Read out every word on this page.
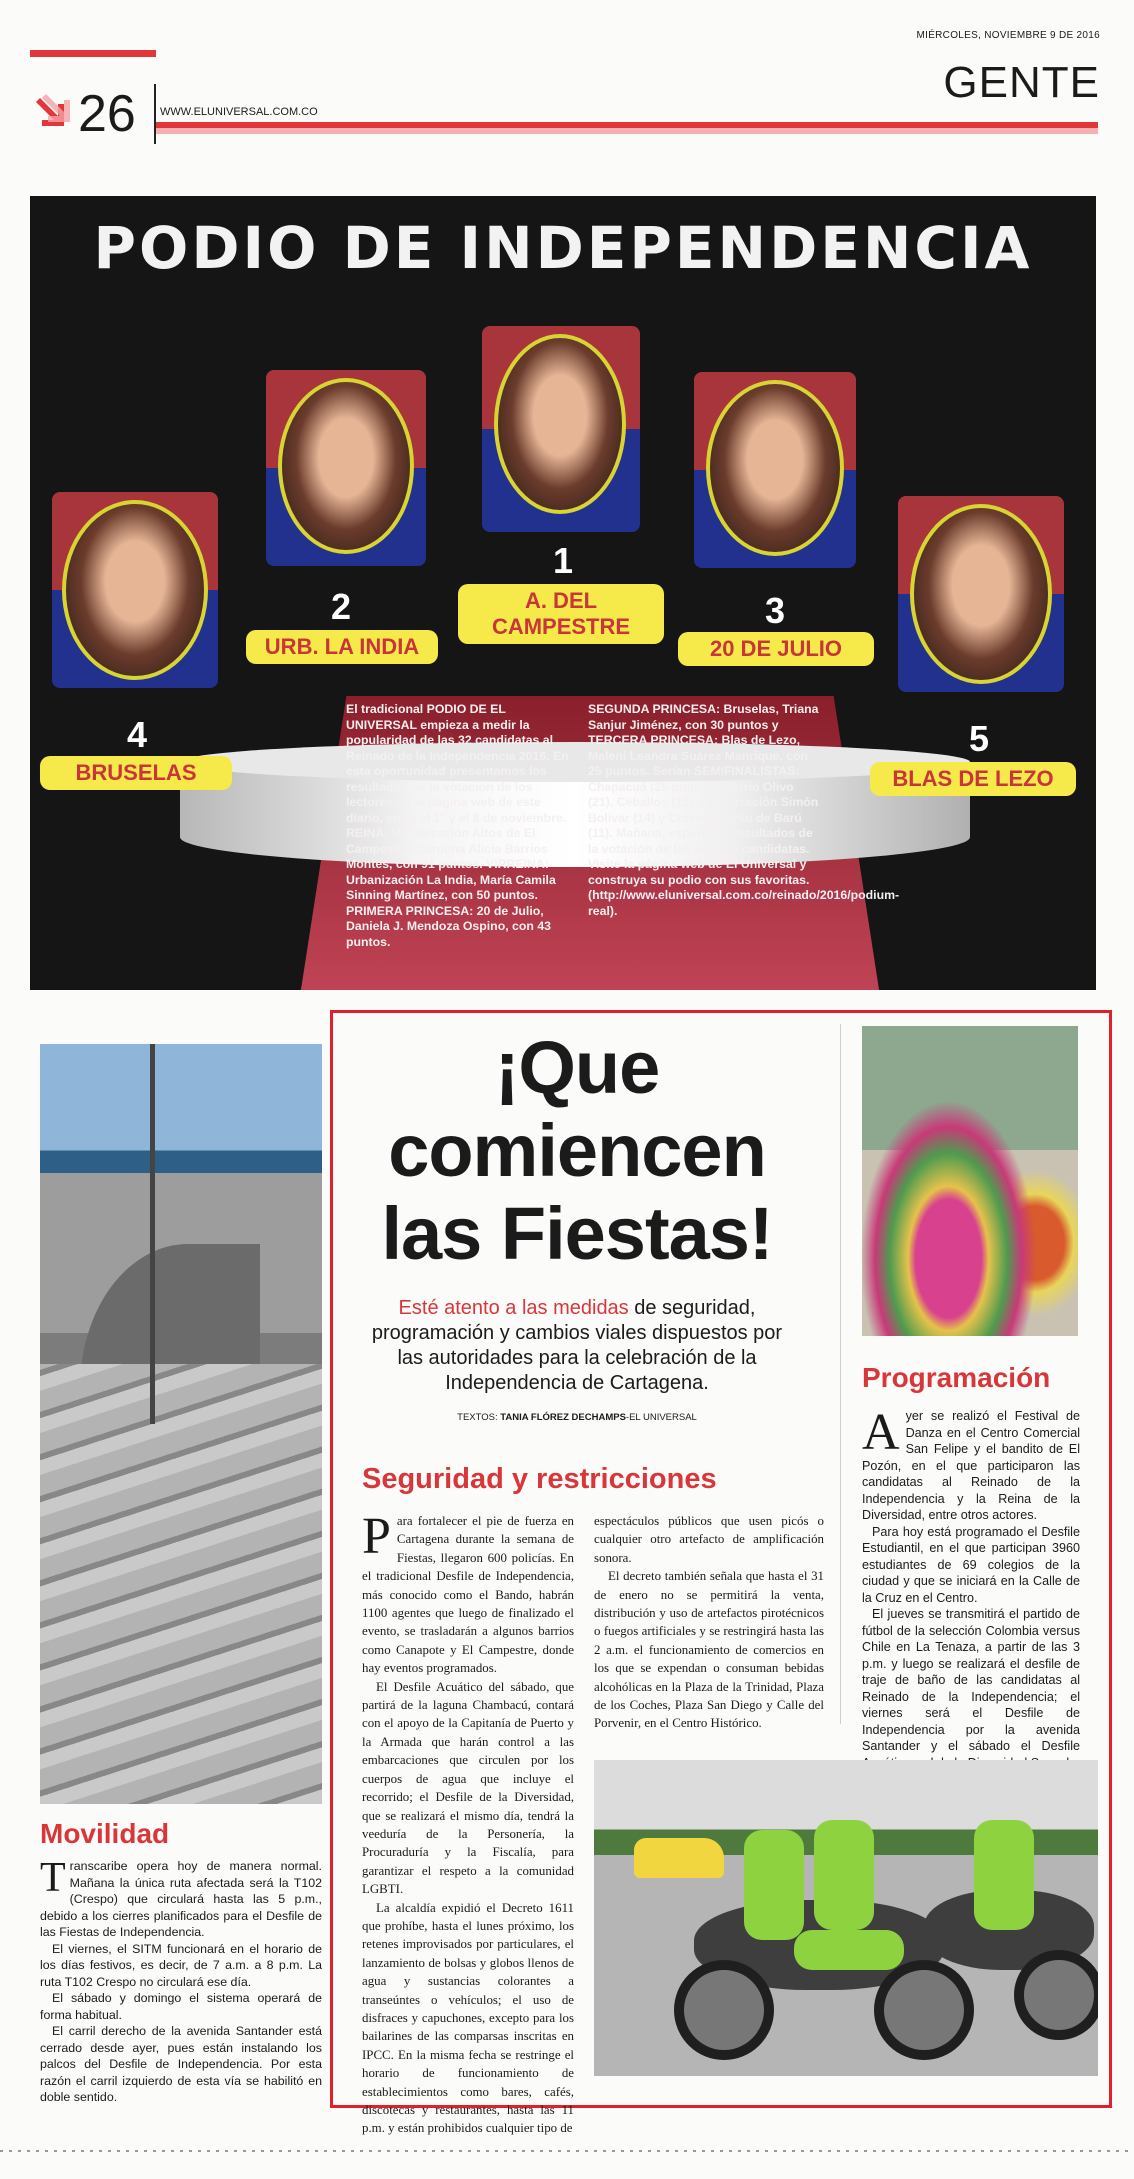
MIÉRCOLES, NOVIEMBRE 9 DE 2016
GENTE
26 WWW.ELUNIVERSAL.COM.CO
PODIO DE INDEPENDENCIA
1
A. DEL CAMPESTRE
2
URB. LA INDIA
3
20 DE JULIO
4
BRUSELAS
5
BLAS DE LEZO
El tradicional PODIO DE EL UNIVERSAL empieza a medir la popularidad de las 32 candidatas al Reinado de la Independencia 2016. En esta oportunidad presentamos los resultados de la votación de los lectores de la página web de este diario, entre el 1° y el 8 de noviembre. REINA: Urbanización Altos de El Campestre, Carolina Alicia Barrios Montes, con 91 puntos. VIRREINA: Urbanización La India, María Camila Sinning Martínez, con 50 puntos. PRIMERA PRINCESA: 20 de Julio, Daniela J. Mendoza Ospino, con 43 puntos.
SEGUNDA PRINCESA: Bruselas, Triana Sanjur Jiménez, con 30 puntos y TERCERA PRINCESA: Blas de Lezo, Maleni Leandra Suárez Manrique, con 25 puntos. Serían SEMIFINALISTAS: Chapacuá (25 puntos), Barrio Olivo (21), Ceballos (15), Urbanización Simón Bolívar (14) y Corregimiento de Barú (11). Mañana, espere los resultados de la votación de las propias candidatas. Visite la página web de El Universal y construya su podio con sus favoritas. (http://www.eluniversal.com.co/reinado/2016/podium-real).
Movilidad

Transcaribe opera hoy de manera normal. Mañana la única ruta afectada será la T102 (Crespo) que circulará hasta las 5 p.m., debido a los cierres planificados para el Desfile de las Fiestas de Independencia.

El viernes, el SITM funcionará en el horario de los días festivos, es decir, de 7 a.m. a 8 p.m. La ruta T102 Crespo no circulará ese día.

El sábado y domingo el sistema operará de forma habitual.

El carril derecho de la avenida Santander está cerrado desde ayer, pues están instalando los palcos del Desfile de Independencia. Por esta razón el carril izquierdo de esta vía se habilitó en doble sentido.

¡Que comiencen las Fiestas!
Esté atento a las medidas de seguridad, programación y cambios viales dispuestos por las autoridades para la celebración de la Independencia de Cartagena.
TEXTOS: TANIA FLÓREZ DECHAMPS-EL UNIVERSAL
Seguridad y restricciones

Para fortalecer el pie de fuerza en Cartagena durante la semana de Fiestas, llegaron 600 policías. En el tradicional Desfile de Independencia, más conocido como el Bando, habrán 1100 agentes que luego de finalizado el evento, se trasladarán a algunos barrios como Canapote y El Campestre, donde hay eventos programados.

El Desfile Acuático del sábado, que partirá de la laguna Chambacú, contará con el apoyo de la Capitanía de Puerto y la Armada que harán control a las embarcaciones que circulen por los cuerpos de agua que incluye el recorrido; el Desfile de la Diversidad, que se realizará el mismo día, tendrá la veeduría de la Personería, la Procuraduría y la Fiscalía, para garantizar el respeto a la comunidad LGBTI.

La alcaldía expidió el Decreto 1611 que prohíbe, hasta el lunes próximo, los retenes improvisados por particulares, el lanzamiento de bolsas y globos llenos de agua y sustancias colorantes a transeúntes o vehículos; el uso de disfraces y capuchones, excepto para los bailarines de las comparsas inscritas en IPCC. En la misma fecha se restringe el horario de funcionamiento de establecimientos como bares, cafés, discotecas y restaurantes, hasta las 11 p.m. y están prohibidos cualquier tipo de

espectáculos públicos que usen picós o cualquier otro artefacto de amplificación sonora.

El decreto también señala que hasta el 31 de enero no se permitirá la venta, distribución y uso de artefactos pirotécnicos o fuegos artificiales y se restringirá hasta las 2 a.m. el funcionamiento de comercios en los que se expendan o consuman bebidas alcohólicas en la Plaza de la Trinidad, Plaza de los Coches, Plaza San Diego y Calle del Porvenir, en el Centro Histórico.

Programación

Ayer se realizó el Festival de Danza en el Centro Comercial San Felipe y el bandito de El Pozón, en el que participaron las candidatas al Reinado de la Independencia y la Reina de la Diversidad, entre otros actores.

Para hoy está programado el Desfile Estudiantil, en el que participan 3960 estudiantes de 69 colegios de la ciudad y que se iniciará en la Calle de la Cruz en el Centro.

El jueves se transmitirá el partido de fútbol de la selección Colombia versus Chile en La Tenaza, a partir de las 3 p.m. y luego se realizará el desfile de traje de baño de las candidatas al Reinado de la Independencia; el viernes será el Desfile de Independencia por la avenida Santander y el sábado el Desfile
